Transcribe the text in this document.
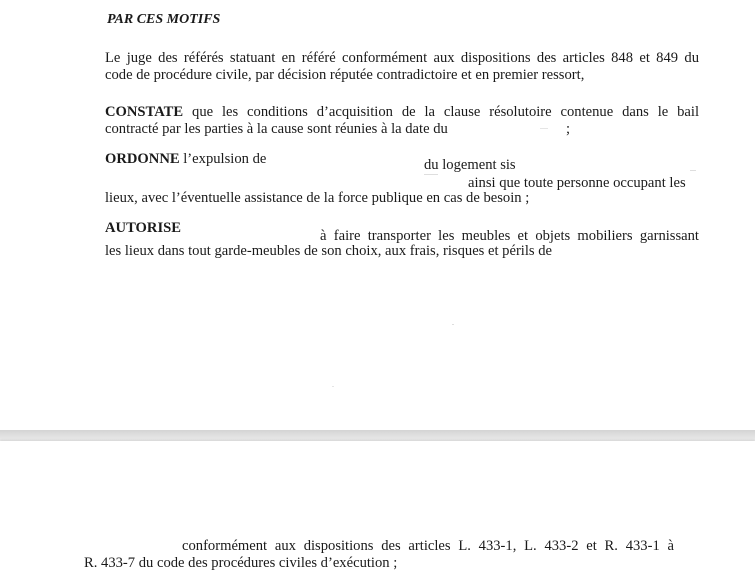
PAR CES MOTIFS
Le juge des référés statuant en référé conformément aux dispositions des articles 848 et 849 du
code de procédure civile, par décision réputée contradictoire et en premier ressort,
CONSTATE que les conditions d’acquisition de la clause résolutoire contenue dans le bail
contracté par les parties à la cause sont réunies à la date du	;
ORDONNE l’expulsion de	du logement sis
ainsi que toute personne occupant les
lieux, avec l’éventuelle assistance de la force publique en cas de besoin ;
AUTORISE	à faire transporter les meubles et objets mobiliers garnissant
les lieux dans tout garde-meubles de son choix, aux frais, risques et périls de
conformément aux dispositions des articles L. 433-1, L. 433-2 et R. 433-1 à
R. 433-7 du code des procédures civiles d’exécution ;
